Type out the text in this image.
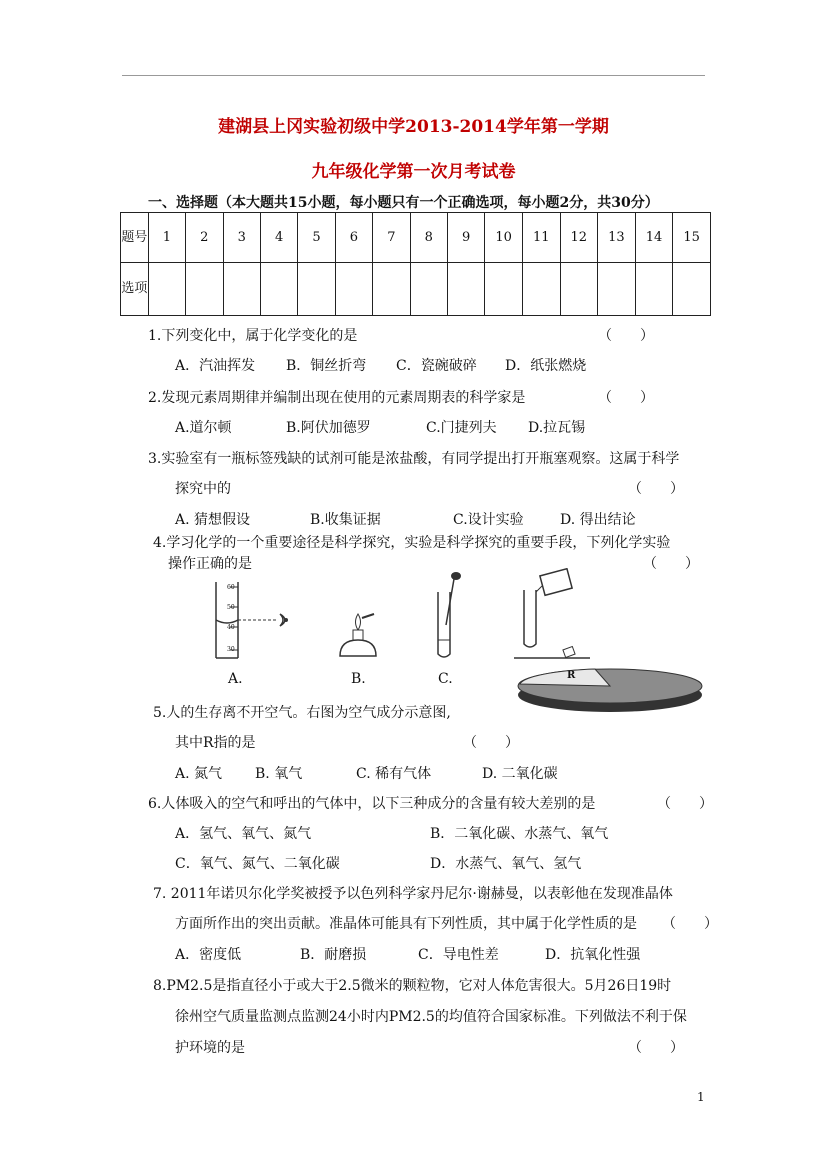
建湖县上冈实验初级中学2013-2014学年第一学期
九年级化学第一次月考试卷
一、选择题（本大题共15小题，每小题只有一个正确选项，每小题2分，共30分）
题号	1	2	3	4	5	6	7	8	9	10	11	12	13	14	15
选项															
1.下列变化中，属于化学变化的是	（　　）
A．汽油挥发 B．铜丝折弯 C．瓷碗破碎 D．纸张燃烧
2.发现元素周期律并编制出现在使用的元素周期表的科学家是	（　　）
A.道尔顿	B.阿伏加德罗	C.门捷列夫 D.拉瓦锡
3.实验室有一瓶标签残缺的试剂可能是浓盐酸，有同学提出打开瓶塞观察。这属于科学
探究中的	（　　）
A. 猜想假设	B.收集证据	C.设计实验	D. 得出结论
4.学习化学的一个重要途径是科学探究，实验是科学探究的重要手段，下列化学实验
操作正确的是	（　　）
60
50
40
30
A.	B.	C.	R
5.人的生存离不开空气。右图为空气成分示意图,
其中R指的是	（　　）
A. 氮气 B. 氧气	C. 稀有气体	D. 二氧化碳
6.人体吸入的空气和呼出的气体中，以下三种成分的含量有较大差别的是	（　　）
A．氢气、氧气、氮气	B．二氧化碳、水蒸气、氧气
C．氧气、氮气、二氧化碳	D．水蒸气、氧气、氢气
7. 2011年诺贝尔化学奖被授予以色列科学家丹尼尔·谢赫曼，以表彰他在发现准晶体
方面所作出的突出贡献。准晶体可能具有下列性质，其中属于化学性质的是 （　　）
A．密度低	B．耐磨损	C．导电性差	D．抗氧化性强
8.PM2.5是指直径小于或大于2.5微米的颗粒物，它对人体危害很大。5月26日19时
徐州空气质量监测点监测24小时内PM2.5的均值符合国家标准。下列做法不利于保
护环境的是	（　　）
1
